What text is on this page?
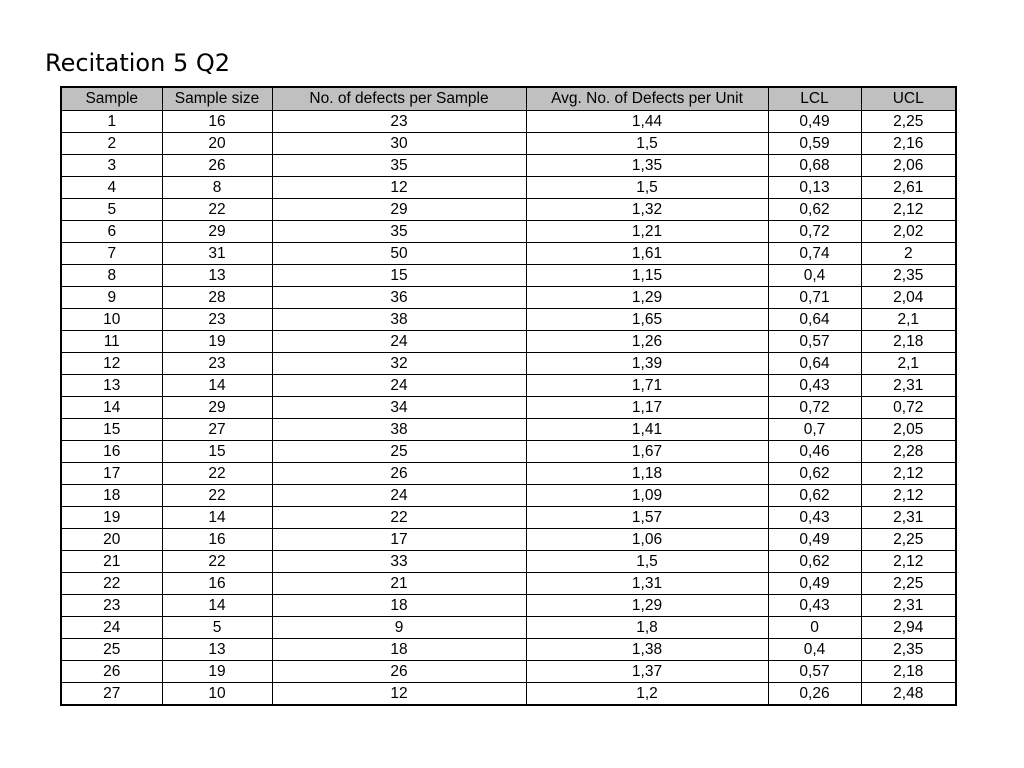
Recitation 5 Q2
Sample	Sample size	No. of defects per Sample	Avg. No. of Defects per Unit	LCL	UCL
1	16	23	1,44	0,49	2,25
2	20	30	1,5	0,59	2,16
3	26	35	1,35	0,68	2,06
4	8	12	1,5	0,13	2,61
5	22	29	1,32	0,62	2,12
6	29	35	1,21	0,72	2,02
7	31	50	1,61	0,74	2
8	13	15	1,15	0,4	2,35
9	28	36	1,29	0,71	2,04
10	23	38	1,65	0,64	2,1
11	19	24	1,26	0,57	2,18
12	23	32	1,39	0,64	2,1
13	14	24	1,71	0,43	2,31
14	29	34	1,17	0,72	0,72
15	27	38	1,41	0,7	2,05
16	15	25	1,67	0,46	2,28
17	22	26	1,18	0,62	2,12
18	22	24	1,09	0,62	2,12
19	14	22	1,57	0,43	2,31
20	16	17	1,06	0,49	2,25
21	22	33	1,5	0,62	2,12
22	16	21	1,31	0,49	2,25
23	14	18	1,29	0,43	2,31
24	5	9	1,8	0	2,94
25	13	18	1,38	0,4	2,35
26	19	26	1,37	0,57	2,18
27	10	12	1,2	0,26	2,48
